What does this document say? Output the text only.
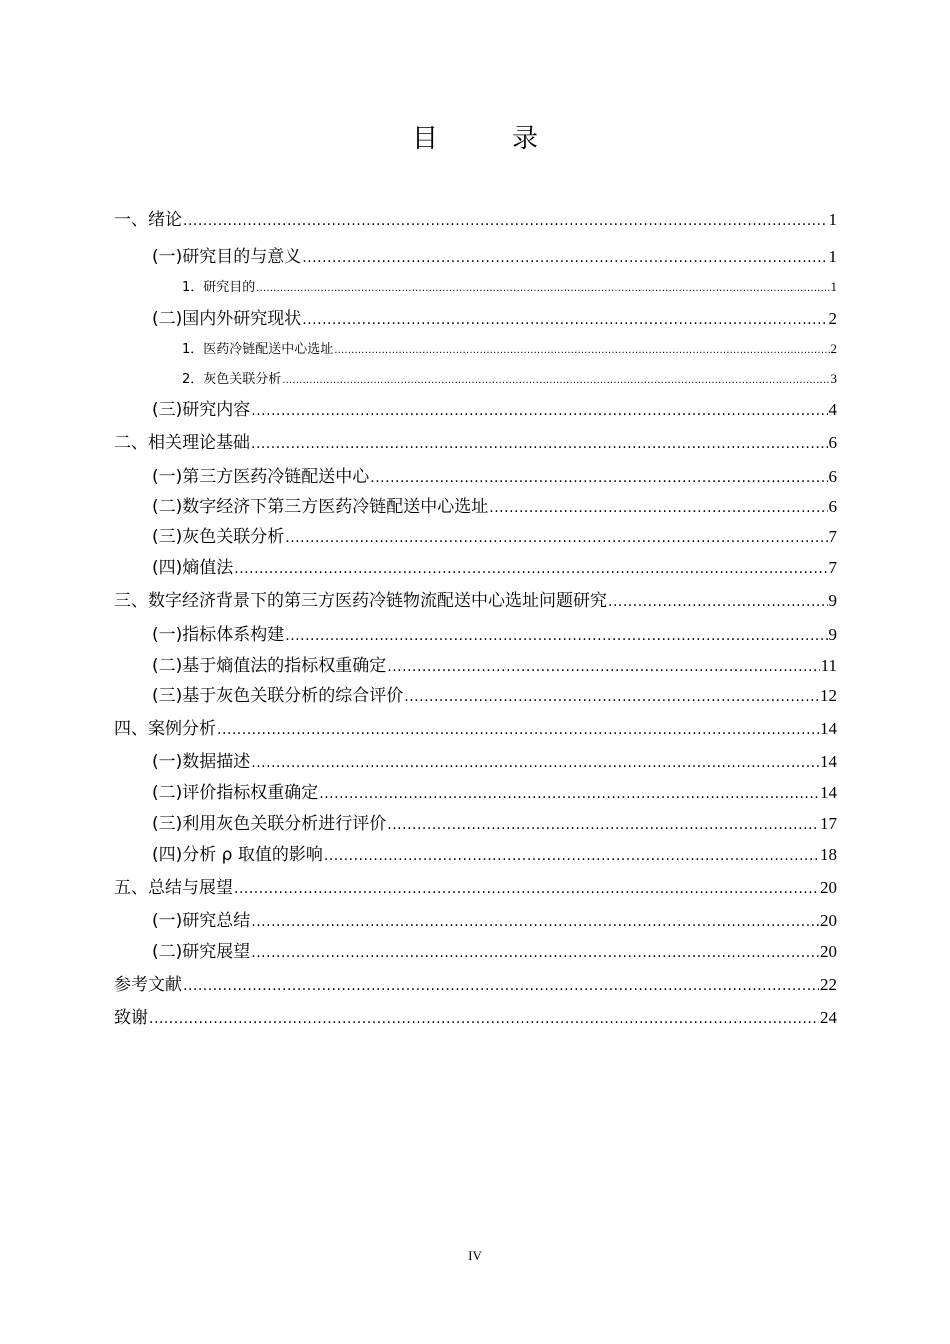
目　录
一、绪论 .....	1
(一)研究目的与意义 .....	1
1．研究目的 .....	1
(二)国内外研究现状 .....	2
1．医药冷链配送中心选址 .....	2
2．灰色关联分析 .....	3
(三)研究内容 .....	4
二、相关理论基础 .....	6
(一)第三方医药冷链配送中心 .....	6
(二)数字经济下第三方医药冷链配送中心选址 .....	6
(三)灰色关联分析 .....	7
(四)熵值法 .....	7
三、数字经济背景下的第三方医药冷链物流配送中心选址问题研究 .....	9
(一)指标体系构建 .....	9
(二)基于熵值法的指标权重确定 .....	11
(三)基于灰色关联分析的综合评价 .....	12
四、案例分析 .....	14
(一)数据描述 .....	14
(二)评价指标权重确定 .....	14
(三)利用灰色关联分析进行评价 .....	17
(四)分析 ρ 取值的影响 .....	18
五、总结与展望 .....	20
(一)研究总结 .....	20
(二)研究展望 .....	20
参考文献 .....	22
致谢 .....	24
IV
